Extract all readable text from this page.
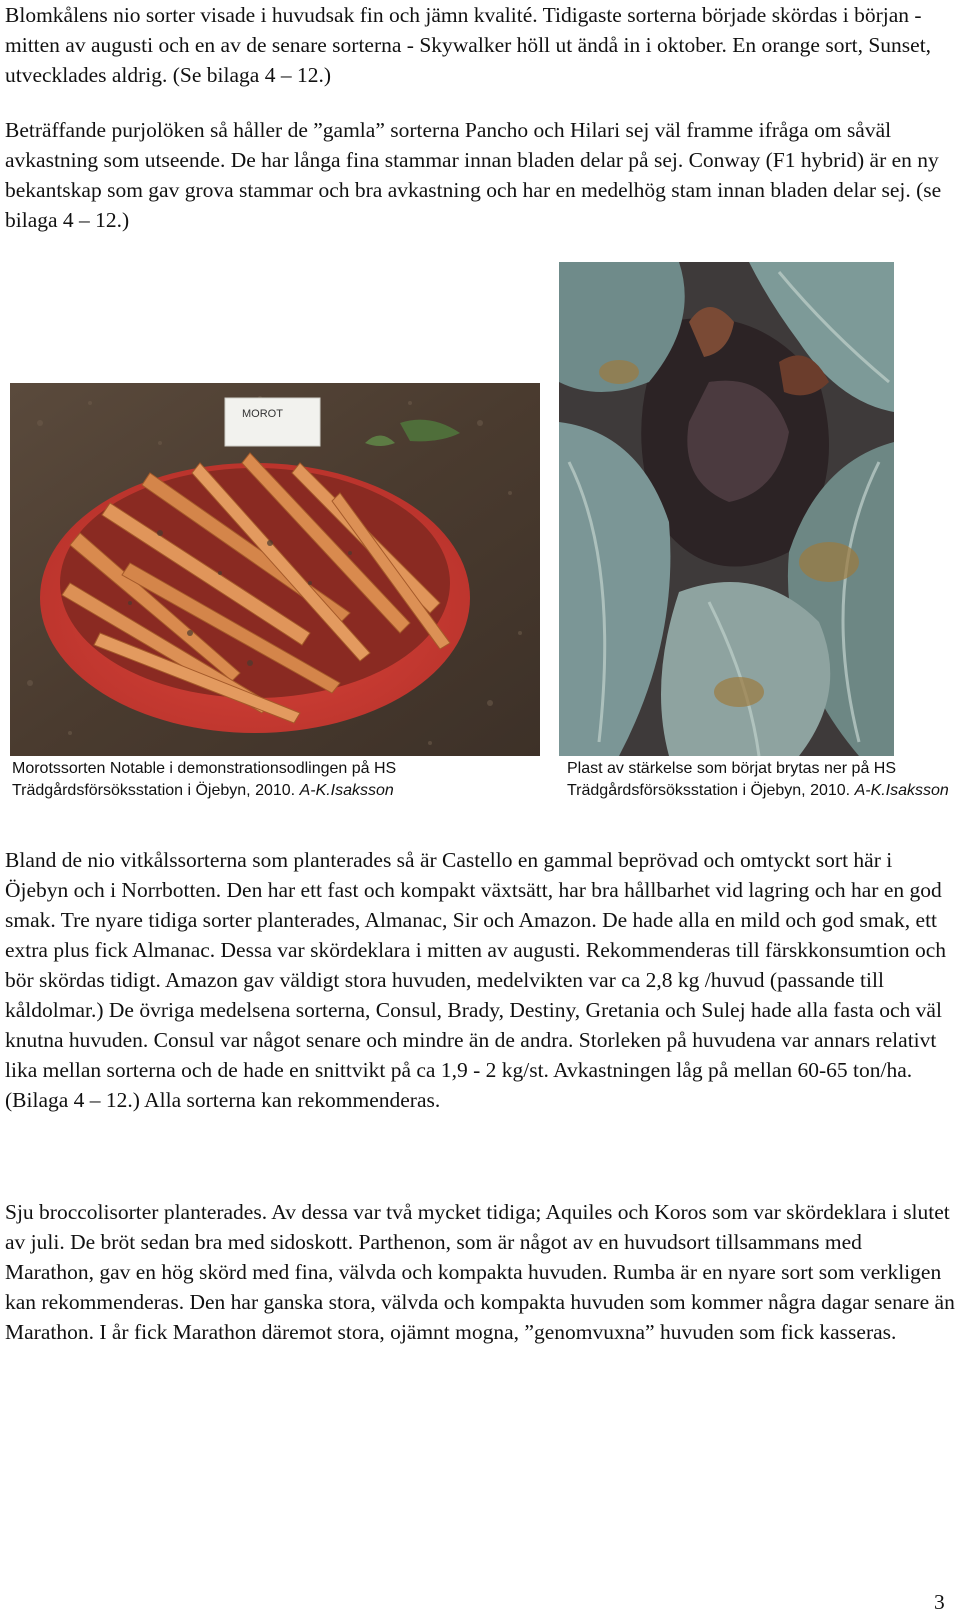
Blomkålens nio sorter visade i huvudsak fin och jämn kvalité. Tidigaste sorterna började skördas i början - mitten av augusti och en av de senare sorterna - Skywalker höll ut ändå in i oktober. En orange sort, Sunset, utvecklades aldrig. (Se bilaga 4 – 12.)

Beträffande purjolöken så håller de ”gamla” sorterna Pancho och Hilari sej väl framme ifråga om såväl avkastning som utseende. De har långa fina stammar innan bladen delar på sej. Conway (F1 hybrid) är en ny bekantskap som gav grova stammar och bra avkastning och har en medelhög stam innan bladen delar sej. (se bilaga 4 – 12.)

MOROT

Morotssorten Notable i demonstrationsodlingen på HS Trädgårdsförsöksstation i Öjebyn, 2010. A-K.Isaksson

Plast av stärkelse som börjat brytas ner på HS Trädgårdsförsöksstation i Öjebyn, 2010. A-K.Isaksson

Bland de nio vitkålssorterna som planterades så är Castello en gammal beprövad och omtyckt sort här i Öjebyn och i Norrbotten. Den har ett fast och kompakt växtsätt, har bra hållbarhet vid lagring och har en god smak. Tre nyare tidiga sorter planterades, Almanac, Sir och Amazon. De hade alla en mild och god smak, ett extra plus fick Almanac. Dessa var skördeklara i mitten av augusti. Rekommenderas till färskkonsumtion och bör skördas tidigt. Amazon gav väldigt stora huvuden, medelvikten var ca 2,8 kg /huvud (passande till kåldolmar.) De övriga medelsena sorterna, Consul, Brady, Destiny, Gretania och Sulej hade alla fasta och väl knutna huvuden. Consul var något senare och mindre än de andra. Storleken på huvudena var annars relativt lika mellan sorterna och de hade en snittvikt på ca 1,9 - 2 kg/st. Avkastningen låg på mellan 60-65 ton/ha. (Bilaga 4 – 12.) Alla sorterna kan rekommenderas.

Sju broccolisorter planterades. Av dessa var två mycket tidiga; Aquiles och Koros som var skördeklara i slutet av juli. De bröt sedan bra med sidoskott. Parthenon, som är något av en huvudsort tillsammans med Marathon, gav en hög skörd med fina, välvda och kompakta huvuden. Rumba är en nyare sort som verkligen kan rekommenderas. Den har ganska stora, välvda och kompakta huvuden som kommer några dagar senare än Marathon. I år fick Marathon däremot stora, ojämnt mogna, ”genomvuxna” huvuden som fick kasseras.

3
